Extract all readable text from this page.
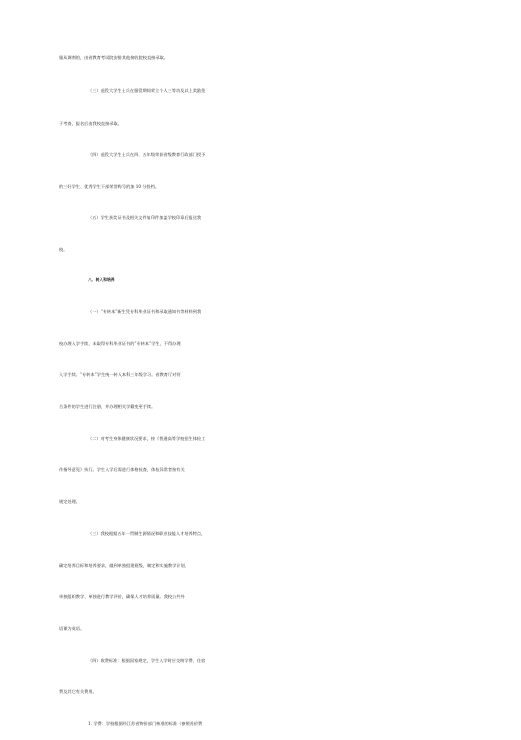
服从调剂的，由省教育考试院安排其他接收院校直接录取。
（三）退役大学生士兵在服役期间荣立个人三等功及以上奖励免
于考查，报名后由我校直接录取。
（四）退役大学生士兵在四、五年级荣获省级教育行政部门授予
的三好学生、优秀学生干部荣誉称号的加 10 分投档。
（五）学生获奖证书及相关文件复印件加盖学校印章后报送我
校。
八、转入和培养
（一）“专转本”新生凭专科毕业证书和录取通知书等材料到我
校办理入学手续，未取得专科毕业证书的“专转本”学生，不得办理
入学手续。“专转本”学生统一转入本科三年级学习。省教育厅对符
合条件的学生进行注册，并办理相关学籍变更手续。
（二）对考生身体健康状况要求，按《普通高等学校招生体检工
作指导意见》执行。学生入学后需进行体格检查，体检异常者按有关
规定处理。
（三）我校根据五年一贯制生源情况和职业技能人才培养特点，
确定培养目标和培养要求，做到单独组建班级，制定和实施教学计划、
单独组织教学、单独进行教学评价，确保人才培养质量。我校公共外
语课为英语。
（四）收费标准：根据国家规定，学生入学时应交纳学费、住宿
费及其它有关费用。
1. 学费：学校根据经江苏省物价部门核准的标准（参照苏价费
